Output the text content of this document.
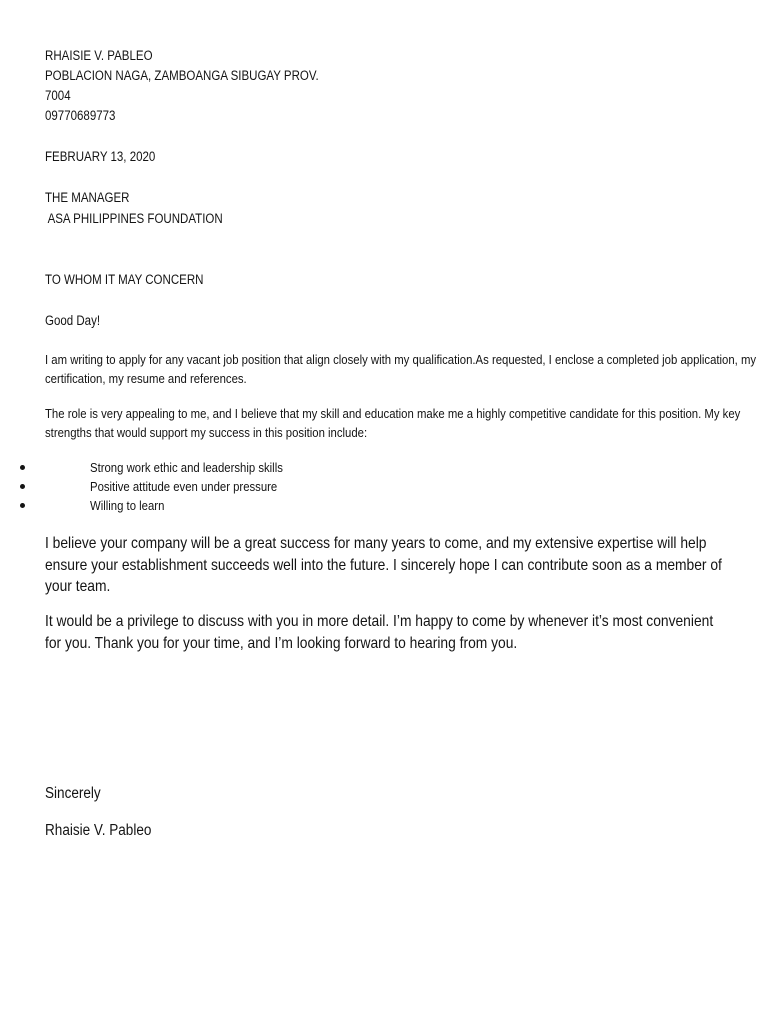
RHAISIE V. PABLEO
POBLACION NAGA, ZAMBOANGA SIBUGAY PROV.
7004
09770689773
FEBRUARY 13, 2020
THE MANAGER
ASA PHILIPPINES FOUNDATION
TO WHOM IT MAY CONCERN
Good Day!
I am writing to apply for any vacant job position that align closely with my qualification.As requested, I enclose a completed job application, my certification, my resume and references.
The role is very appealing to me, and I believe that my skill and education make me a highly competitive candidate for this position. My key strengths that would support my success in this position include:
Strong work ethic and leadership skills
Positive attitude even under pressure
Willing to learn
I believe your company will be a great success for many years to come, and my extensive expertise will help ensure your establishment succeeds well into the future. I sincerely hope I can contribute soon as a member of your team.
It would be a privilege to discuss with you in more detail. I’m happy to come by whenever it’s most convenient for you. Thank you for your time, and I’m looking forward to hearing from you.
Sincerely
Rhaisie V. Pableo
